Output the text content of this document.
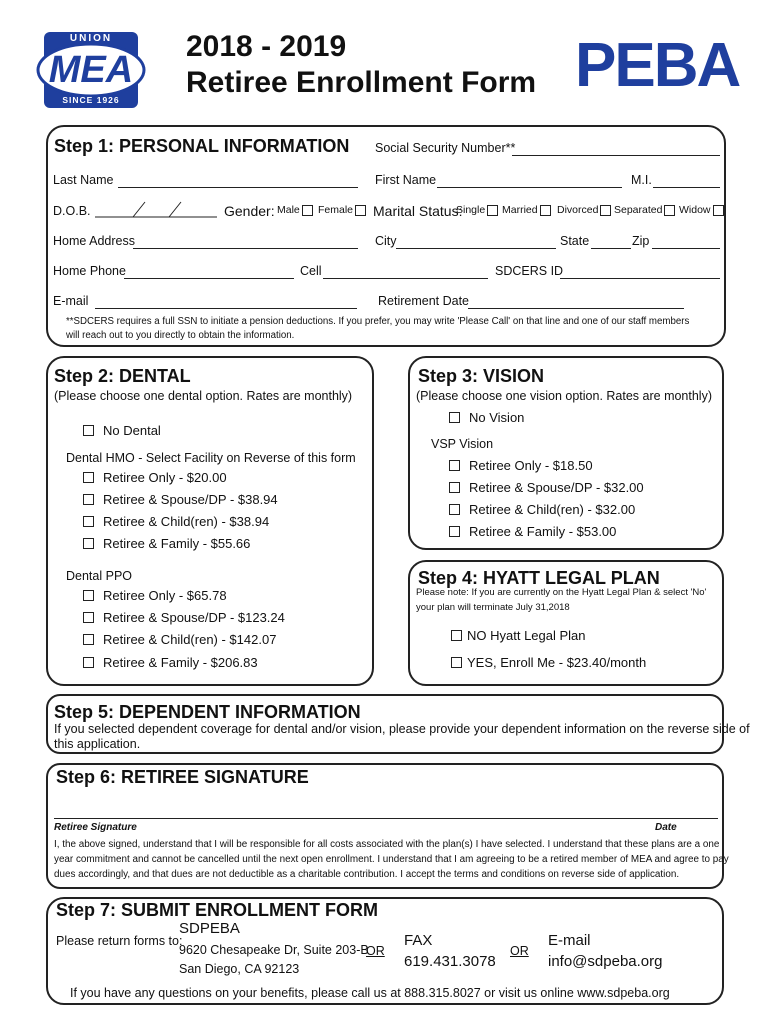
UNION
MEA
SINCE 1926
2018 - 2019
Retiree Enrollment Form PEBA
Step 1: PERSONAL INFORMATION Social Security Number**
Last Name	First Name	M.I.
D.O.B.	Gender: Male Female Marital Status:
Single Married Divorced Separated Widow
Home Address	City	State	Zip
Home Phone	Cell	SDCERS ID
E-mail	Retirement Date
**SDCERS requires a full SSN to initiate a pension deductions. If you prefer, you may write 'Please Call' on that line and one of our staff members
will reach out to you directly to obtain the information.
Step 2: DENTAL
(Please choose one dental option. Rates are monthly)
No Dental
Dental HMO - Select Facility on Reverse of this form
Retiree Only - $20.00
Retiree & Spouse/DP - $38.94
Retiree & Child(ren) - $38.94
Retiree & Family - $55.66
Dental PPO
Retiree Only - $65.78
Retiree & Spouse/DP - $123.24
Retiree & Child(ren) - $142.07
Retiree & Family - $206.83
Step 3: VISION
(Please choose one vision option. Rates are monthly)
No Vision
VSP Vision
Retiree Only - $18.50
Retiree & Spouse/DP - $32.00
Retiree & Child(ren) - $32.00
Retiree & Family - $53.00
Step 4: HYATT LEGAL PLAN
Please note: If you are currently on the Hyatt Legal Plan & select 'No'
your plan will terminate July 31,2018
NO Hyatt Legal Plan
YES, Enroll Me - $23.40/month
Step 5: DEPENDENT INFORMATION
If you selected dependent coverage for dental and/or vision, please provide your dependent information on the reverse side of
this application.
Step 6: RETIREE SIGNATURE
Retiree Signature	Date
I, the above signed, understand that I will be responsible for all costs associated with the plan(s) I have selected. I understand that these plans are a one
year commitment and cannot be cancelled until the next open enrollment. I understand that I am agreeing to be a retired member of MEA and agree to pay
dues accordingly, and that dues are not deductible as a charitable contribution. I accept the terms and conditions on reverse side of application.
Step 7: SUBMIT ENROLLMENT FORM
Please return forms to:
SDPEBA
9620 Chesapeake Dr, Suite 203-B
San Diego, CA 92123
OR
FAX
619.431.3078
OR
E-mail
info@sdpeba.org
If you have any questions on your benefits, please call us at 888.315.8027 or visit us online www.sdpeba.org
